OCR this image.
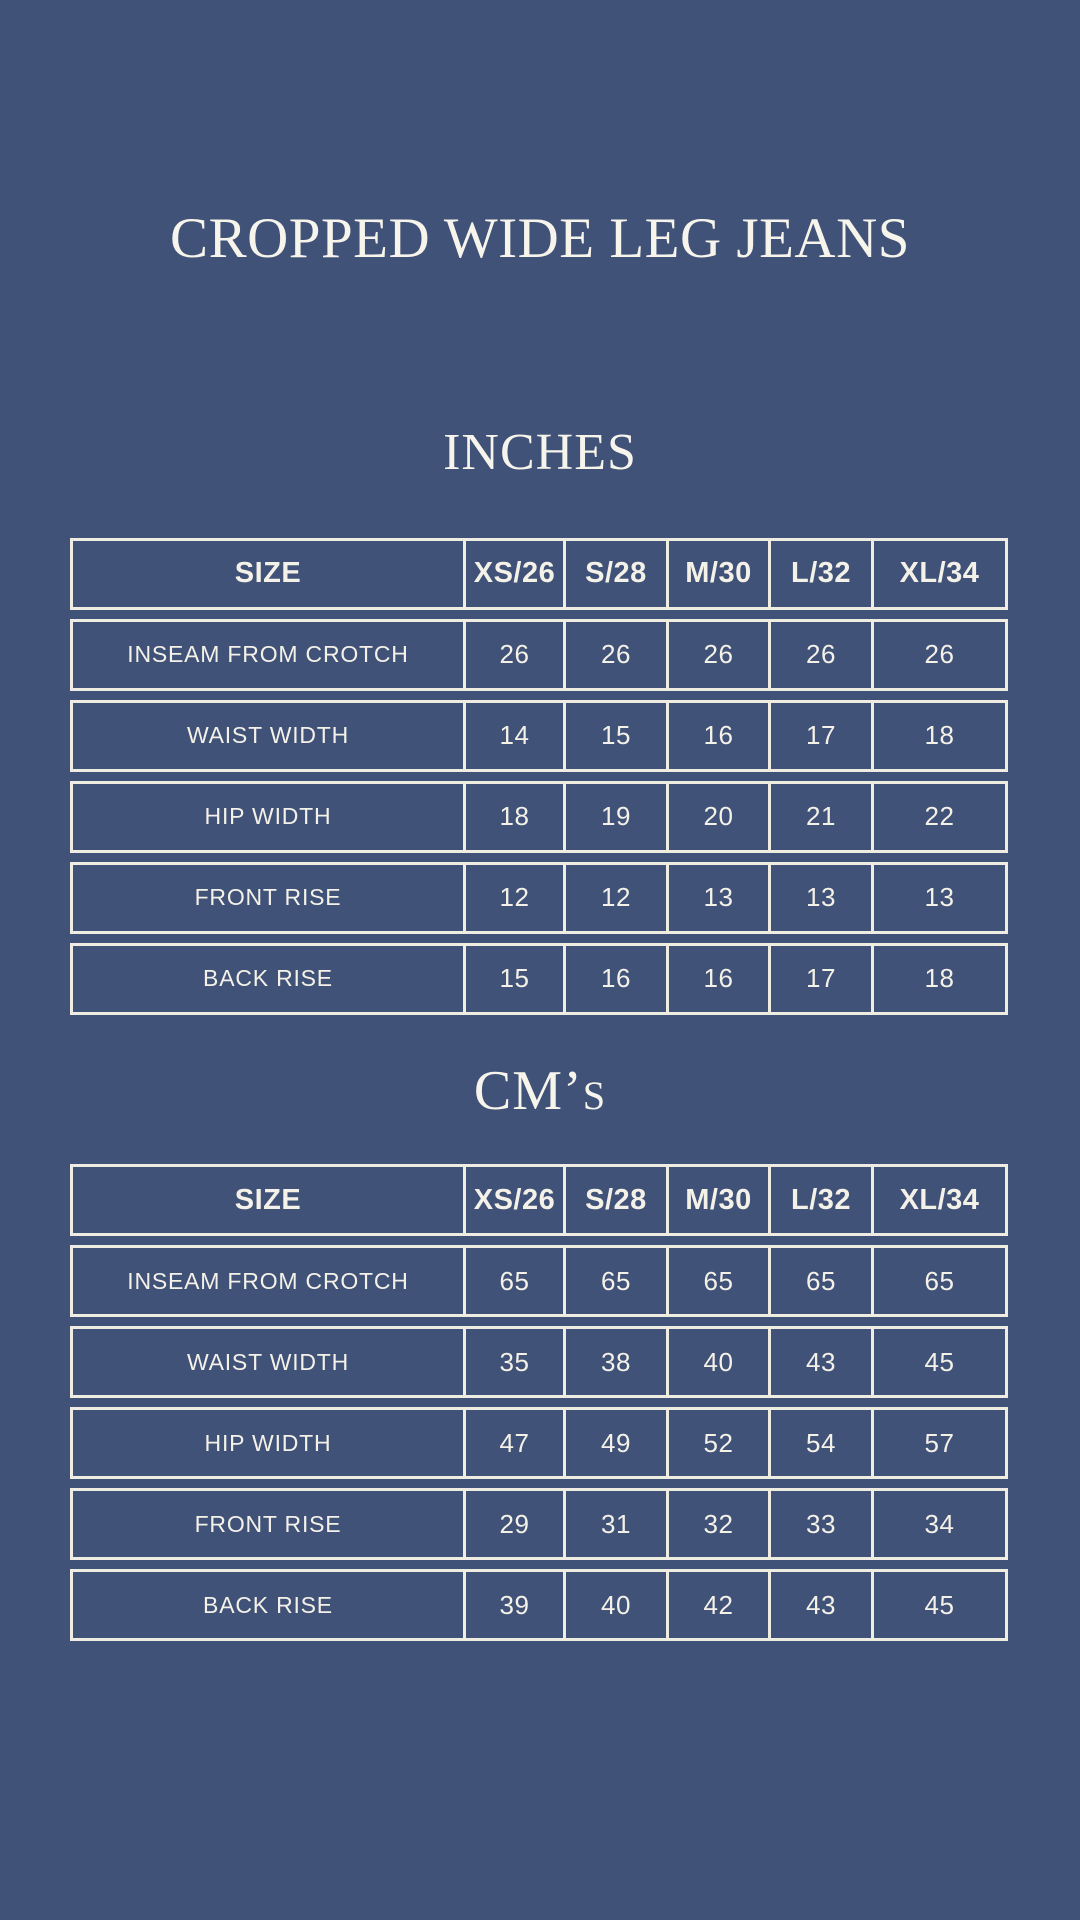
CROPPED WIDE LEG JEANS
INCHES
SIZE	XS/26	S/28	M/30	L/32	XL/34
INSEAM FROM CROTCH	26	26	26	26	26
WAIST WIDTH	14	15	16	17	18
HIP WIDTH	18	19	20	21	22
FRONT RISE	12	12	13	13	13
BACK RISE	15	16	16	17	18
CM’S
SIZE	XS/26	S/28	M/30	L/32	XL/34
INSEAM FROM CROTCH	65	65	65	65	65
WAIST WIDTH	35	38	40	43	45
HIP WIDTH	47	49	52	54	57
FRONT RISE	29	31	32	33	34
BACK RISE	39	40	42	43	45
